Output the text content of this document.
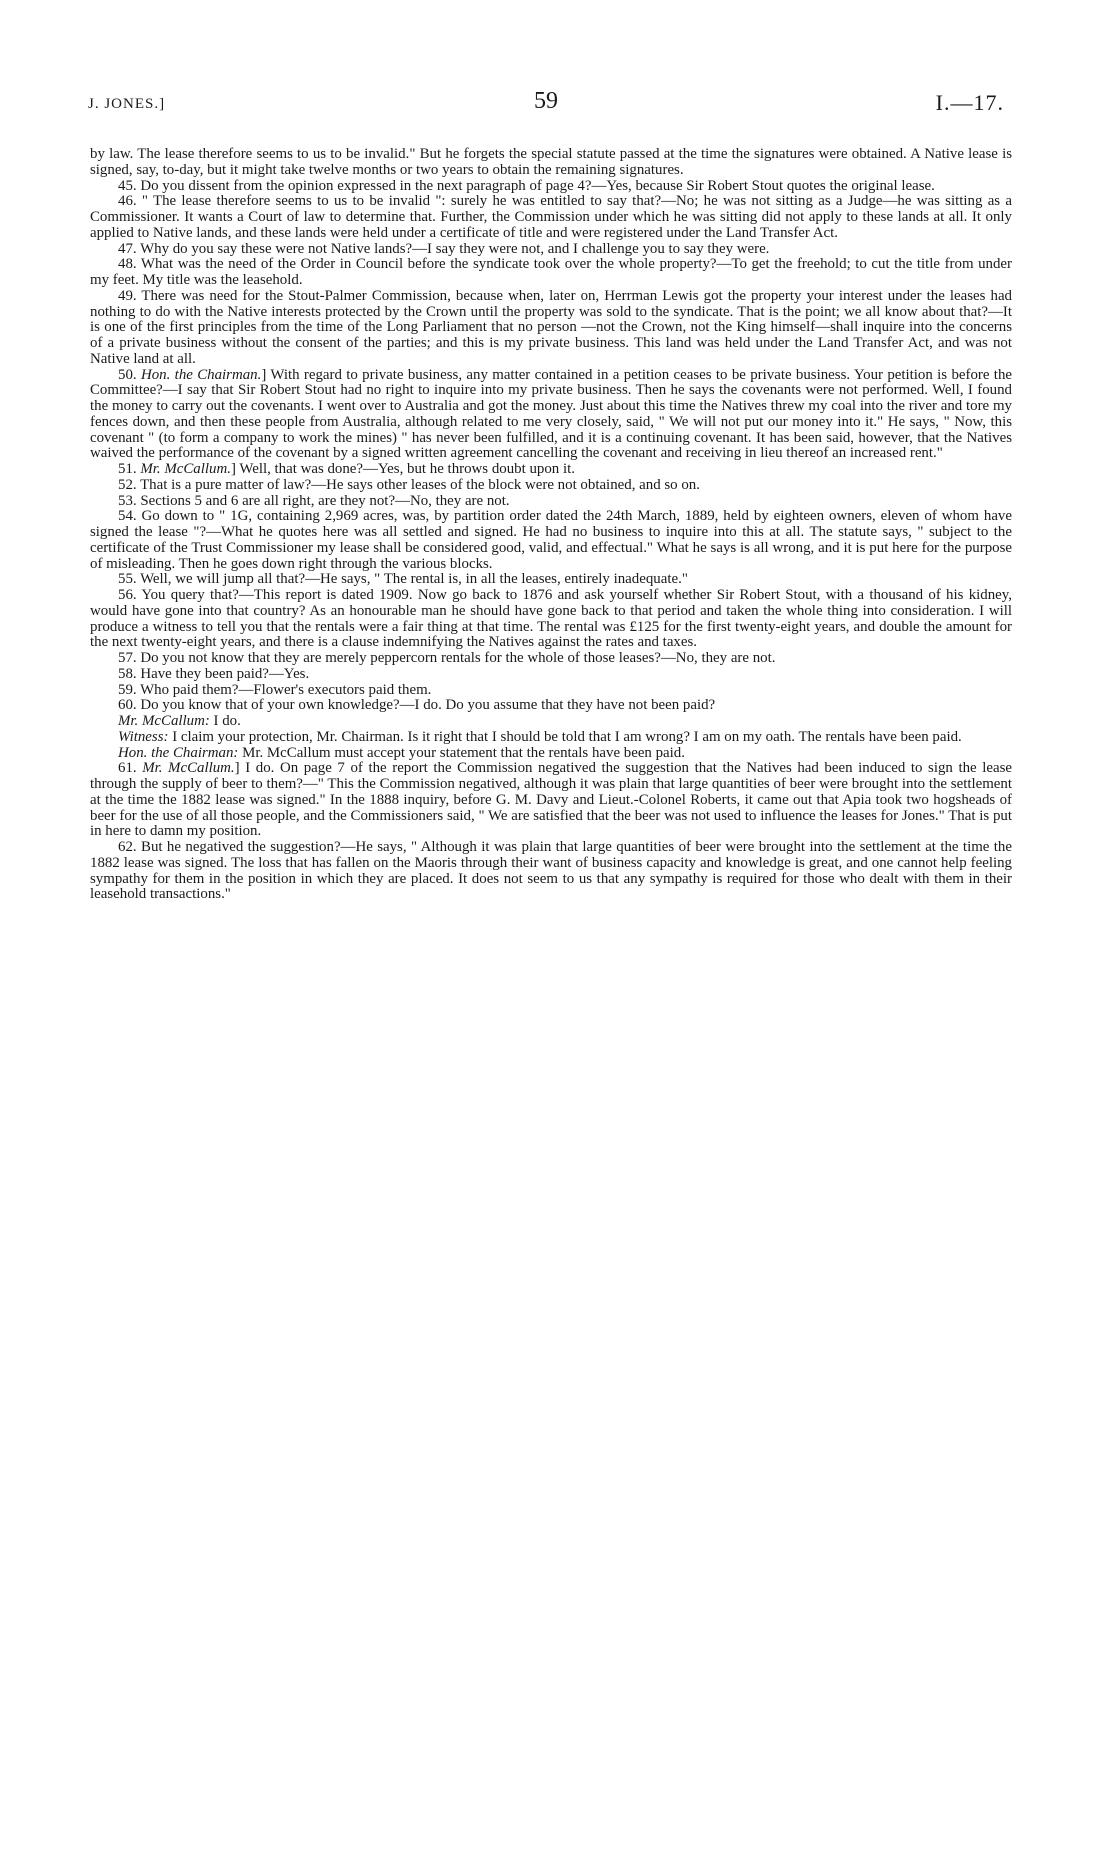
J. JONES.]	59	I.—17.

by law. The lease therefore seems to us to be invalid." But he forgets the special statute passed at the time the signatures were obtained. A Native lease is signed, say, to-day, but it might take twelve months or two years to obtain the remaining signatures.

45. Do you dissent from the opinion expressed in the next paragraph of page 4?—Yes, because Sir Robert Stout quotes the original lease.

46. " The lease therefore seems to us to be invalid ": surely he was entitled to say that?—No; he was not sitting as a Judge—he was sitting as a Commissioner. It wants a Court of law to determine that. Further, the Commission under which he was sitting did not apply to these lands at all. It only applied to Native lands, and these lands were held under a certificate of title and were registered under the Land Transfer Act.

47. Why do you say these were not Native lands?—I say they were not, and I challenge you to say they were.

48. What was the need of the Order in Council before the syndicate took over the whole property?—To get the freehold; to cut the title from under my feet. My title was the leasehold.

49. There was need for the Stout-Palmer Commission, because when, later on, Herrman Lewis got the property your interest under the leases had nothing to do with the Native interests protected by the Crown until the property was sold to the syndicate. That is the point; we all know about that?—It is one of the first principles from the time of the Long Parliament that no person —not the Crown, not the King himself—shall inquire into the concerns of a private business without the consent of the parties; and this is my private business. This land was held under the Land Transfer Act, and was not Native land at all.

50. Hon. the Chairman.] With regard to private business, any matter contained in a petition ceases to be private business. Your petition is before the Committee?—I say that Sir Robert Stout had no right to inquire into my private business. Then he says the covenants were not performed. Well, I found the money to carry out the covenants. I went over to Australia and got the money. Just about this time the Natives threw my coal into the river and tore my fences down, and then these people from Australia, although related to me very closely, said, " We will not put our money into it." He says, " Now, this covenant " (to form a company to work the mines) " has never been fulfilled, and it is a continuing covenant. It has been said, however, that the Natives waived the performance of the covenant by a signed written agreement cancelling the covenant and receiving in lieu thereof an increased rent."

51. Mr. McCallum.] Well, that was done?—Yes, but he throws doubt upon it.

52. That is a pure matter of law?—He says other leases of the block were not obtained, and so on.

53. Sections 5 and 6 are all right, are they not?—No, they are not.

54. Go down to " 1G, containing 2,969 acres, was, by partition order dated the 24th March, 1889, held by eighteen owners, eleven of whom have signed the lease "?—What he quotes here was all settled and signed. He had no business to inquire into this at all. The statute says, " subject to the certificate of the Trust Commissioner my lease shall be considered good, valid, and effectual." What he says is all wrong, and it is put here for the purpose of misleading. Then he goes down right through the various blocks.

55. Well, we will jump all that?—He says, " The rental is, in all the leases, entirely inadequate."

56. You query that?—This report is dated 1909. Now go back to 1876 and ask yourself whether Sir Robert Stout, with a thousand of his kidney, would have gone into that country? As an honourable man he should have gone back to that period and taken the whole thing into consideration. I will produce a witness to tell you that the rentals were a fair thing at that time. The rental was £125 for the first twenty-eight years, and double the amount for the next twenty-eight years, and there is a clause indemnifying the Natives against the rates and taxes.

57. Do you not know that they are merely peppercorn rentals for the whole of those leases?—No, they are not.

58. Have they been paid?—Yes.

59. Who paid them?—Flower's executors paid them.

60. Do you know that of your own knowledge?—I do. Do you assume that they have not been paid?

Mr. McCallum: I do.

Witness: I claim your protection, Mr. Chairman. Is it right that I should be told that I am wrong? I am on my oath. The rentals have been paid.

Hon. the Chairman: Mr. McCallum must accept your statement that the rentals have been paid.

61. Mr. McCallum.] I do. On page 7 of the report the Commission negatived the suggestion that the Natives had been induced to sign the lease through the supply of beer to them?—" This the Commission negatived, although it was plain that large quantities of beer were brought into the settlement at the time the 1882 lease was signed." In the 1888 inquiry, before G. M. Davy and Lieut.-Colonel Roberts, it came out that Apia took two hogsheads of beer for the use of all those people, and the Commissioners said, " We are satisfied that the beer was not used to influence the leases for Jones." That is put in here to damn my position.

62. But he negatived the suggestion?—He says, " Although it was plain that large quantities of beer were brought into the settlement at the time the 1882 lease was signed. The loss that has fallen on the Maoris through their want of business capacity and knowledge is great, and one cannot help feeling sympathy for them in the position in which they are placed. It does not seem to us that any sympathy is required for those who dealt with them in their leasehold transactions."
